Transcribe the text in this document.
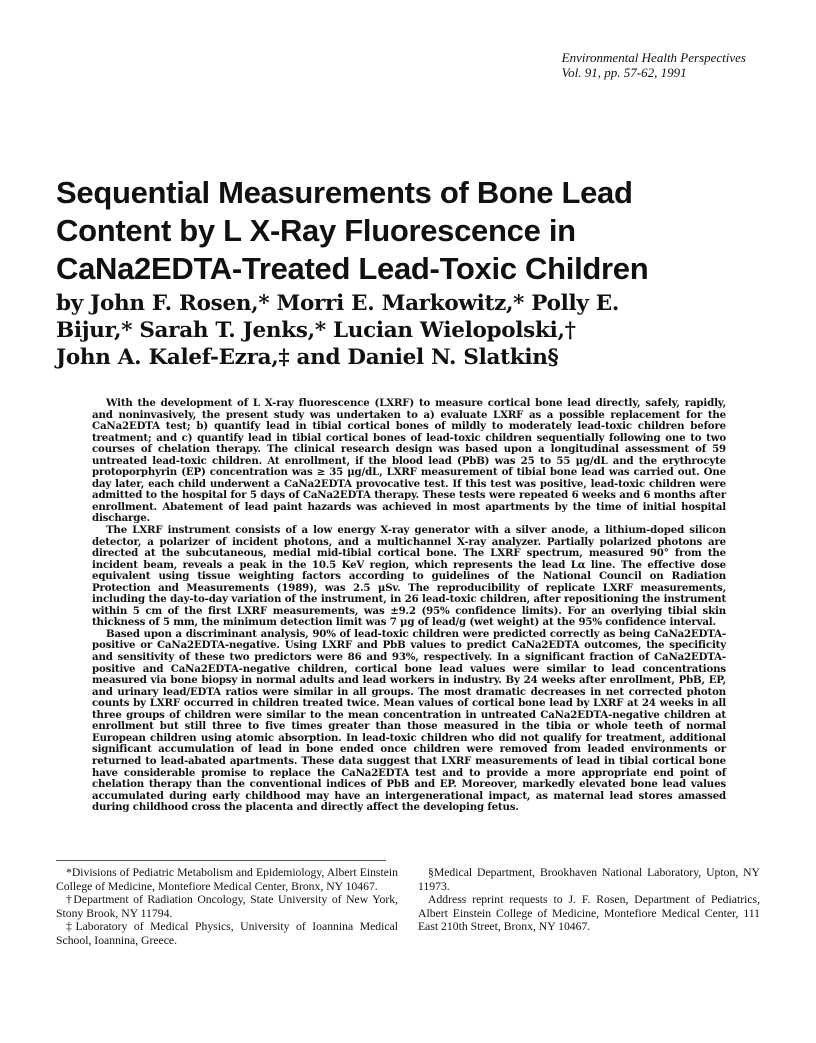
Environmental Health Perspectives
Vol. 91, pp. 57-62, 1991
Sequential Measurements of Bone Lead
Content by L X-Ray Fluorescence in
CaNa2EDTA-Treated Lead-Toxic Children
by John F. Rosen,* Morri E. Markowitz,* Polly E.
Bijur,* Sarah T. Jenks,* Lucian Wielopolski,†
John A. Kalef-Ezra,‡ and Daniel N. Slatkin§

With the development of L X-ray fluorescence (LXRF) to measure cortical bone lead directly, safely, rapidly, and noninvasively, the present study was undertaken to a) evaluate LXRF as a possible replacement for the CaNa2EDTA test; b) quantify lead in tibial cortical bones of mildly to moderately lead-toxic children before treatment; and c) quantify lead in tibial cortical bones of lead-toxic children sequentially following one to two courses of chelation therapy. The clinical research design was based upon a longitudinal assessment of 59 untreated lead-toxic children. At enrollment, if the blood lead (PbB) was 25 to 55 μg/dL and the erythrocyte protoporphyrin (EP) concentration was ≥ 35 μg/dL, LXRF measurement of tibial bone lead was carried out. One day later, each child underwent a CaNa2EDTA provocative test. If this test was positive, lead-toxic children were admitted to the hospital for 5 days of CaNa2EDTA therapy. These tests were repeated 6 weeks and 6 months after enrollment. Abatement of lead paint hazards was achieved in most apartments by the time of initial hospital discharge.

The LXRF instrument consists of a low energy X-ray generator with a silver anode, a lithium-doped silicon detector, a polarizer of incident photons, and a multichannel X-ray analyzer. Partially polarized photons are directed at the subcutaneous, medial mid-tibial cortical bone. The LXRF spectrum, measured 90° from the incident beam, reveals a peak in the 10.5 KeV region, which represents the lead Lα line. The effective dose equivalent using tissue weighting factors according to guidelines of the National Council on Radiation Protection and Measurements (1989), was 2.5 μSv. The reproducibility of replicate LXRF measurements, including the day-to-day variation of the instrument, in 26 lead-toxic children, after repositioning the instrument within 5 cm of the first LXRF measurements, was ±9.2 (95% confidence limits). For an overlying tibial skin thickness of 5 mm, the minimum detection limit was 7 μg of lead/g (wet weight) at the 95% confidence interval.

Based upon a discriminant analysis, 90% of lead-toxic children were predicted correctly as being CaNa2EDTA-positive or CaNa2EDTA-negative. Using LXRF and PbB values to predict CaNa2EDTA outcomes, the specificity and sensitivity of these two predictors were 86 and 93%, respectively. In a significant fraction of CaNa2EDTA-positive and CaNa2EDTA-negative children, cortical bone lead values were similar to lead concentrations measured via bone biopsy in normal adults and lead workers in industry. By 24 weeks after enrollment, PbB, EP, and urinary lead/EDTA ratios were similar in all groups. The most dramatic decreases in net corrected photon counts by LXRF occurred in children treated twice. Mean values of cortical bone lead by LXRF at 24 weeks in all three groups of children were similar to the mean concentration in untreated CaNa2EDTA-negative children at enrollment but still three to five times greater than those measured in the tibia or whole teeth of normal European children using atomic absorption. In lead-toxic children who did not qualify for treatment, additional significant accumulation of lead in bone ended once children were removed from leaded environments or returned to lead-abated apartments. These data suggest that LXRF measurements of lead in tibial cortical bone have considerable promise to replace the CaNa2EDTA test and to provide a more appropriate end point of chelation therapy than the conventional indices of PbB and EP. Moreover, markedly elevated bone lead values accumulated during early childhood may have an intergenerational impact, as maternal lead stores amassed during childhood cross the placenta and directly affect the developing fetus.

*Divisions of Pediatric Metabolism and Epidemiology, Albert Einstein College of Medicine, Montefiore Medical Center, Bronx, NY 10467.

†Department of Radiation Oncology, State University of New York, Stony Brook, NY 11794.

‡Laboratory of Medical Physics, University of Ioannina Medical School, Ioannina, Greece.

§Medical Department, Brookhaven National Laboratory, Upton, NY 11973.

Address reprint requests to J. F. Rosen, Department of Pediatrics, Albert Einstein College of Medicine, Montefiore Medical Center, 111 East 210th Street, Bronx, NY 10467.
